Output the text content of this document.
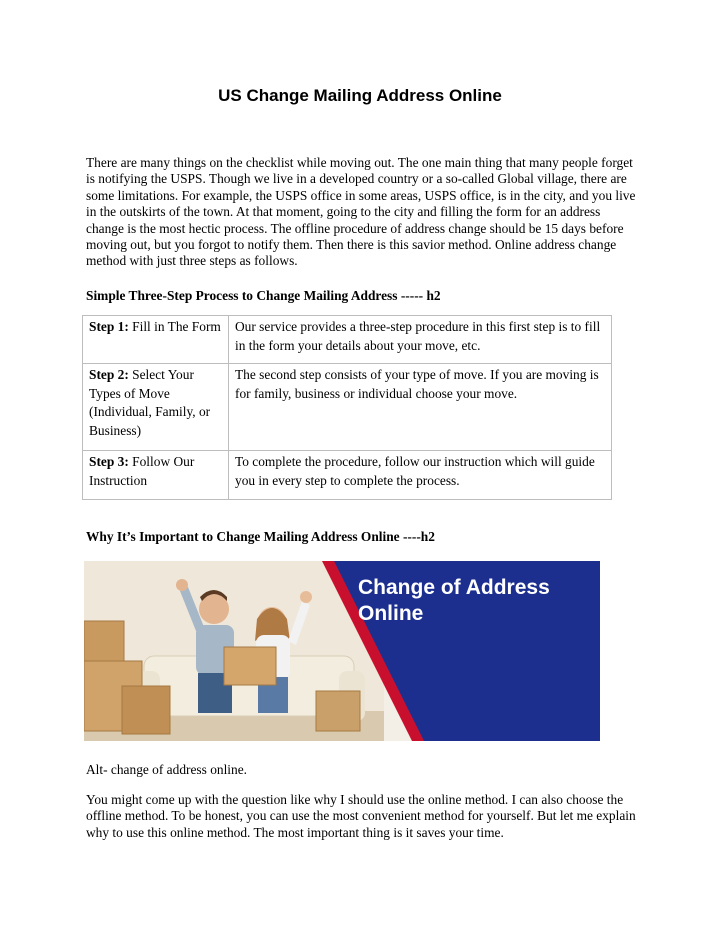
US Change Mailing Address Online

There are many things on the checklist while moving out. The one main thing that many people forget is notifying the USPS. Though we live in a developed country or a so-called Global village, there are some limitations. For example, the USPS office in some areas, USPS office, is in the city, and you live in the outskirts of the town. At that moment, going to the city and filling the form for an address change is the most hectic process. The offline procedure of address change should be 15 days before moving out, but you forgot to notify them. Then there is this savior method. Online address change method with just three steps as follows.

Simple Three-Step Process to Change Mailing Address ----- h2

Step 1: Fill in The Form	Our service provides a three-step procedure in this first step is to fill in the form your details about your move, etc.
Step 2: Select Your Types of Move (Individual, Family, or Business)	The second step consists of your type of move. If you are moving is for family, business or individual choose your move.
Step 3: Follow Our Instruction	To complete the procedure, follow our instruction which will guide you in every step to complete the process.

Why It’s Important to Change Mailing Address Online ----h2

Change of Address
Online

Alt- change of address online.

You might come up with the question like why I should use the online method. I can also choose the offline method. To be honest, you can use the most convenient method for yourself. But let me explain why to use this online method. The most important thing is it saves your time.
